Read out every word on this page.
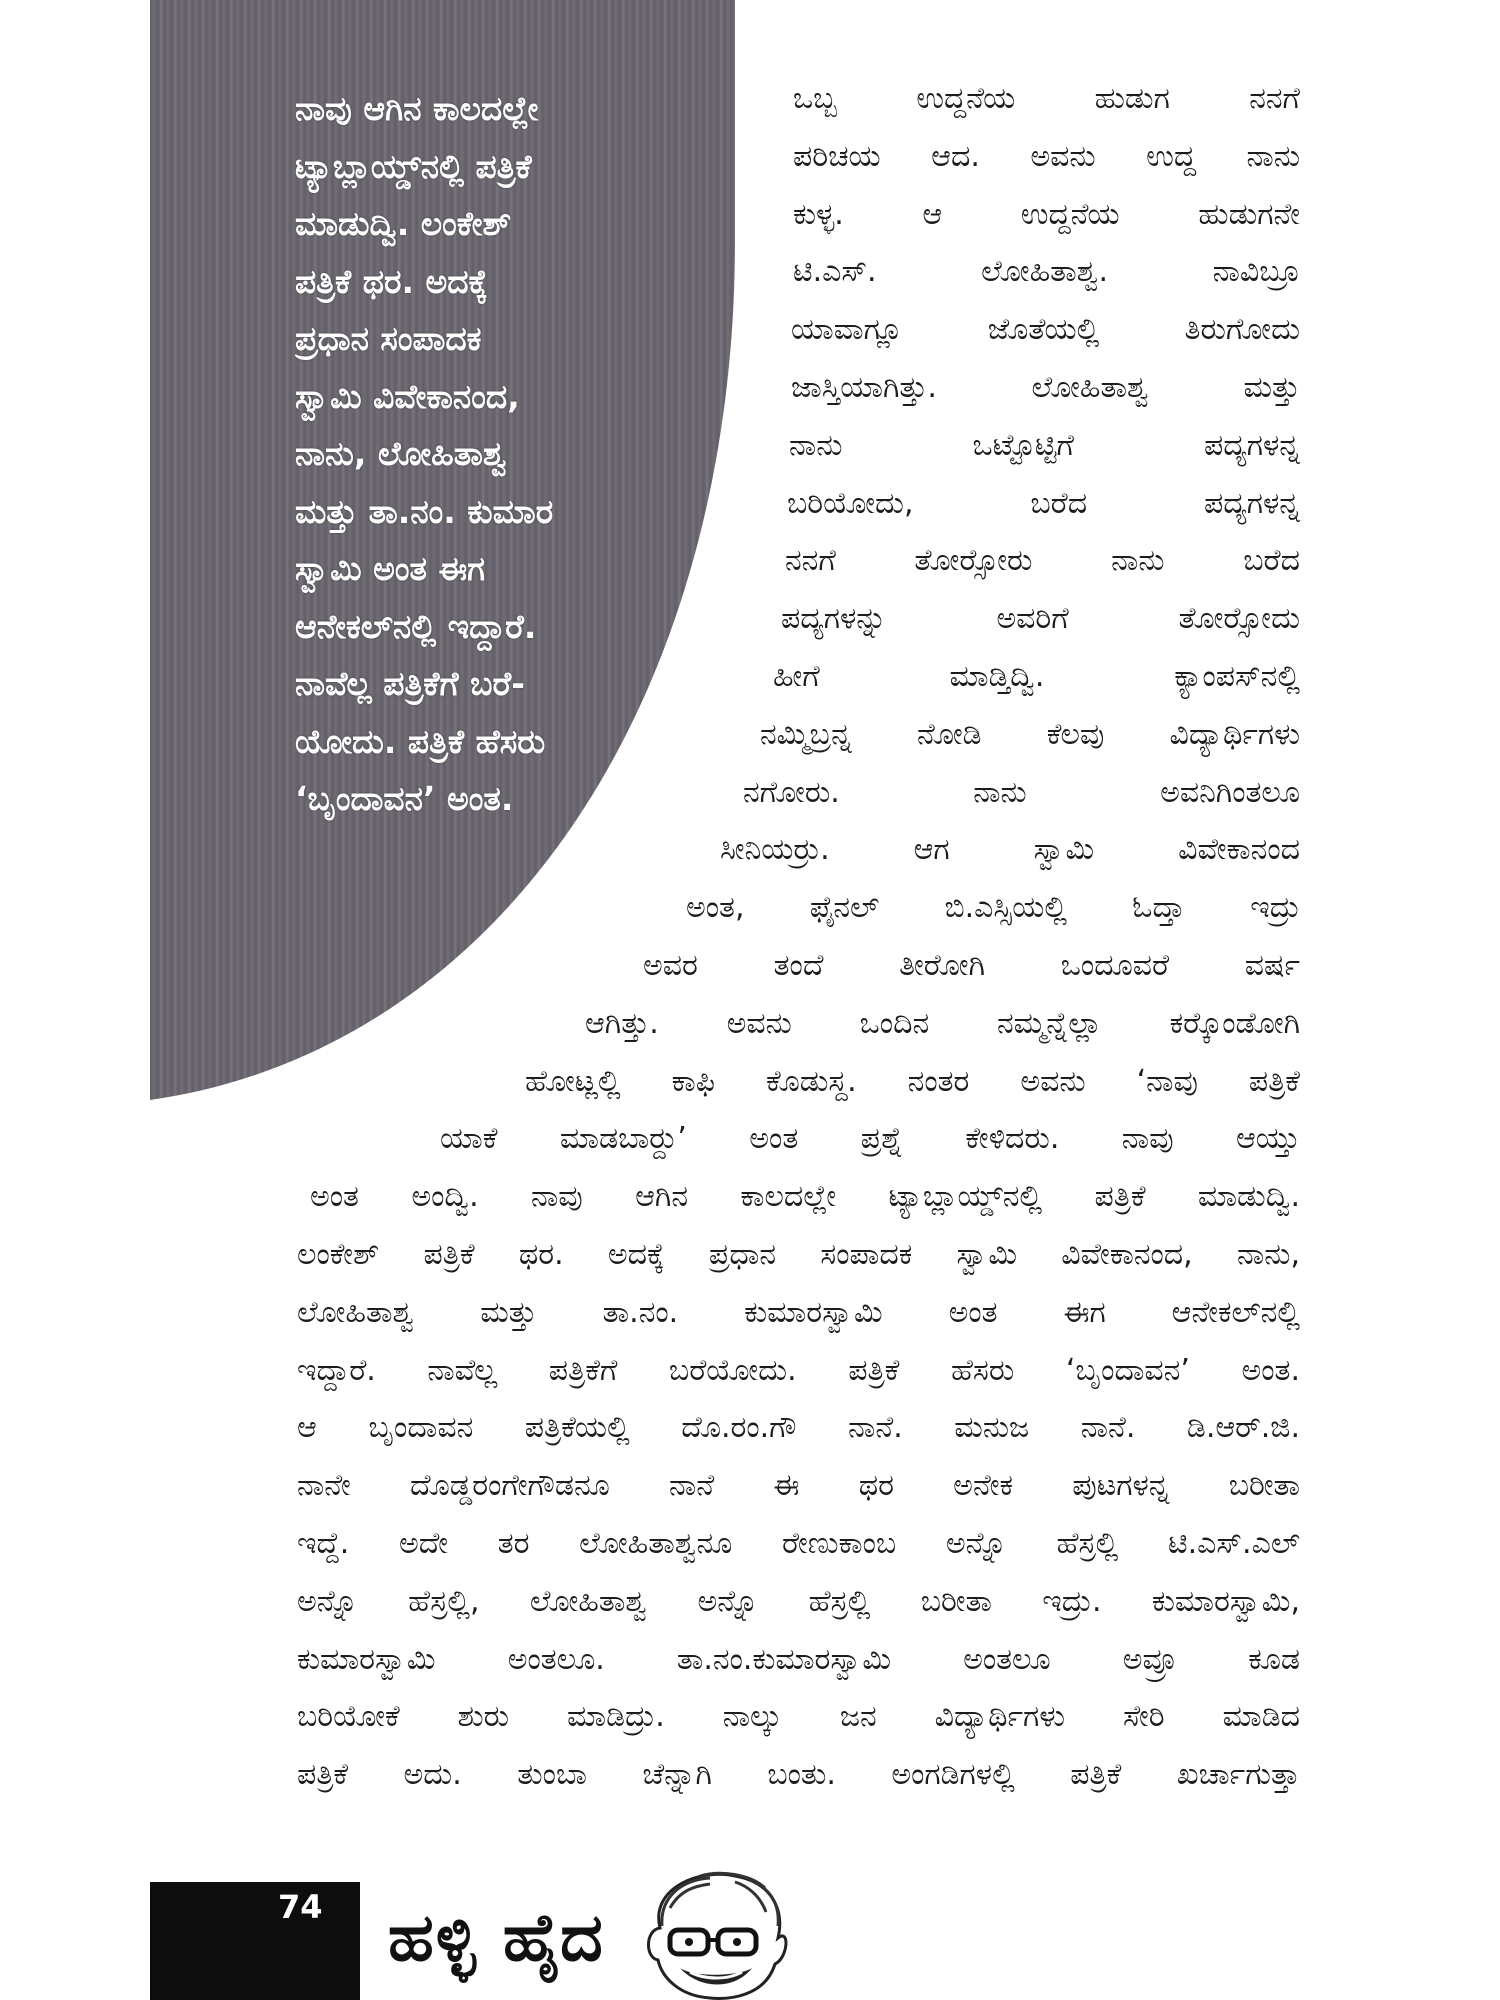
ನಾವು ಆಗಿನ ಕಾಲದಲ್ಲೇ
ಟ್ಯಾಬ್ಲಾಯ್ಡ್‌ನಲ್ಲಿ ಪತ್ರಿಕೆ
ಮಾಡುದ್ವಿ. ಲಂಕೇಶ್
ಪತ್ರಿಕೆ ಥರ. ಅದಕ್ಕೆ
ಪ್ರಧಾನ ಸಂಪಾದಕ
ಸ್ವಾಮಿ ವಿವೇಕಾನಂದ,
ನಾನು, ಲೋಹಿತಾಶ್ವ
ಮತ್ತು ತಾ.ನಂ. ಕುಮಾರ
ಸ್ವಾಮಿ ಅಂತ ಈಗ
ಆನೇಕಲ್‌ನಲ್ಲಿ ಇದ್ದಾರೆ.
ನಾವೆಲ್ಲ ಪತ್ರಿಕೆಗೆ ಬರೆ-
ಯೋದು. ಪತ್ರಿಕೆ ಹೆಸರು
‘ಬೃಂದಾವನ’ ಅಂತ.
ಒಬ್ಬ ಉದ್ದನೆಯ ಹುಡುಗ ನನಗೆ
ಪರಿಚಯ ಆದ. ಅವನು ಉದ್ದ ನಾನು
ಕುಳ್ಳ. ಆ ಉದ್ದನೆಯ ಹುಡುಗನೇ
ಟಿ.ಎಸ್. ಲೋಹಿತಾಶ್ವ. ನಾವಿಬ್ರೂ
ಯಾವಾಗ್ಲೂ ಜೊತೆಯಲ್ಲಿ ತಿರುಗೋದು
ಜಾಸ್ತಿಯಾಗಿತ್ತು. ಲೋಹಿತಾಶ್ವ ಮತ್ತು
ನಾನು ಒಟ್ಟೊಟ್ಟಿಗೆ ಪದ್ಯಗಳನ್ನ
ಬರಿಯೋದು, ಬರೆದ ಪದ್ಯಗಳನ್ನ
ನನಗೆ ತೋರ್‍ಸೋರು ನಾನು ಬರೆದ
ಪದ್ಯಗಳನ್ನು ಅವರಿಗೆ ತೋರ್‍ಸೋದು
ಹೀಗೆ ಮಾಡ್ತಿದ್ವಿ. ಕ್ಯಾಂಪಸ್‌ನಲ್ಲಿ
ನಮ್ಮಿಬ್ರನ್ನ ನೋಡಿ ಕೆಲವು ವಿದ್ಯಾರ್ಥಿಗಳು
ನಗೋರು. ನಾನು ಅವನಿಗಿಂತಲೂ
ಸೀನಿಯರ್‍ರು. ಆಗ ಸ್ವಾಮಿ ವಿವೇಕಾನಂದ
ಅಂತ, ಫೈನಲ್ ಬಿ.ಎಸ್ಸಿಯಲ್ಲಿ ಓದ್ತಾ ಇದ್ರು
ಅವರ ತಂದೆ ತೀರೋಗಿ ಒಂದೂವರೆ ವರ್ಷ
ಆಗಿತ್ತು. ಅವನು ಒಂದಿನ ನಮ್ಮನ್ನೆಲ್ಲಾ ಕರ್‍ಕೊಂಡೋಗಿ
ಹೋಟ್ಲಲ್ಲಿ ಕಾಫಿ ಕೊಡುಸ್ದ. ನಂತರ ಅವನು ‘ನಾವು ಪತ್ರಿಕೆ
ಯಾಕೆ ಮಾಡಬಾರ್‍ದು’ ಅಂತ ಪ್ರಶ್ನೆ ಕೇಳಿದರು. ನಾವು ಆಯ್ತು
ಅಂತ ಅಂದ್ವಿ. ನಾವು ಆಗಿನ ಕಾಲದಲ್ಲೇ ಟ್ಯಾಬ್ಲಾಯ್ಡ್‌ನಲ್ಲಿ ಪತ್ರಿಕೆ ಮಾಡುದ್ವಿ.
ಲಂಕೇಶ್ ಪತ್ರಿಕೆ ಥರ. ಅದಕ್ಕೆ ಪ್ರಧಾನ ಸಂಪಾದಕ ಸ್ವಾಮಿ ವಿವೇಕಾನಂದ, ನಾನು,
ಲೋಹಿತಾಶ್ವ ಮತ್ತು ತಾ.ನಂ. ಕುಮಾರಸ್ವಾಮಿ ಅಂತ ಈಗ ಆನೇಕಲ್‌ನಲ್ಲಿ
ಇದ್ದಾರೆ. ನಾವೆಲ್ಲ ಪತ್ರಿಕೆಗೆ ಬರೆಯೋದು. ಪತ್ರಿಕೆ ಹೆಸರು ‘ಬೃಂದಾವನ’ ಅಂತ.
ಆ ಬೃಂದಾವನ ಪತ್ರಿಕೆಯಲ್ಲಿ ದೊ.ರಂ.ಗೌ ನಾನೆ. ಮನುಜ ನಾನೆ. ಡಿ.ಆರ್.ಜಿ.
ನಾನೇ ದೊಡ್ಡರಂಗೇಗೌಡನೂ ನಾನೆ ಈ ಥರ ಅನೇಕ ಪುಟಗಳನ್ನ ಬರೀತಾ
ಇದ್ದೆ. ಅದೇ ತರ ಲೋಹಿತಾಶ್ವನೂ ರೇಣುಕಾಂಬ ಅನ್ನೊ ಹೆಸ್ರಲ್ಲಿ ಟಿ.ಎಸ್.ಎಲ್
ಅನ್ನೊ ಹೆಸ್ರಲ್ಲಿ, ಲೋಹಿತಾಶ್ವ ಅನ್ನೊ ಹೆಸ್ರಲ್ಲಿ ಬರೀತಾ ಇದ್ರು. ಕುಮಾರಸ್ವಾಮಿ,
ಕುಮಾರಸ್ವಾಮಿ ಅಂತಲೂ. ತಾ.ನಂ.ಕುಮಾರಸ್ವಾಮಿ ಅಂತಲೂ ಅವ್ರೂ ಕೂಡ
ಬರಿಯೋಕೆ ಶುರು ಮಾಡಿದ್ರು. ನಾಲ್ಕು ಜನ ವಿದ್ಯಾರ್ಥಿಗಳು ಸೇರಿ ಮಾಡಿದ
ಪತ್ರಿಕೆ ಅದು. ತುಂಬಾ ಚೆನ್ನಾಗಿ ಬಂತು. ಅಂಗಡಿಗಳಲ್ಲಿ ಪತ್ರಿಕೆ ಖರ್ಚಾಗುತ್ತಾ
74 ಹಳ್ಳಿ ಹೈದ
